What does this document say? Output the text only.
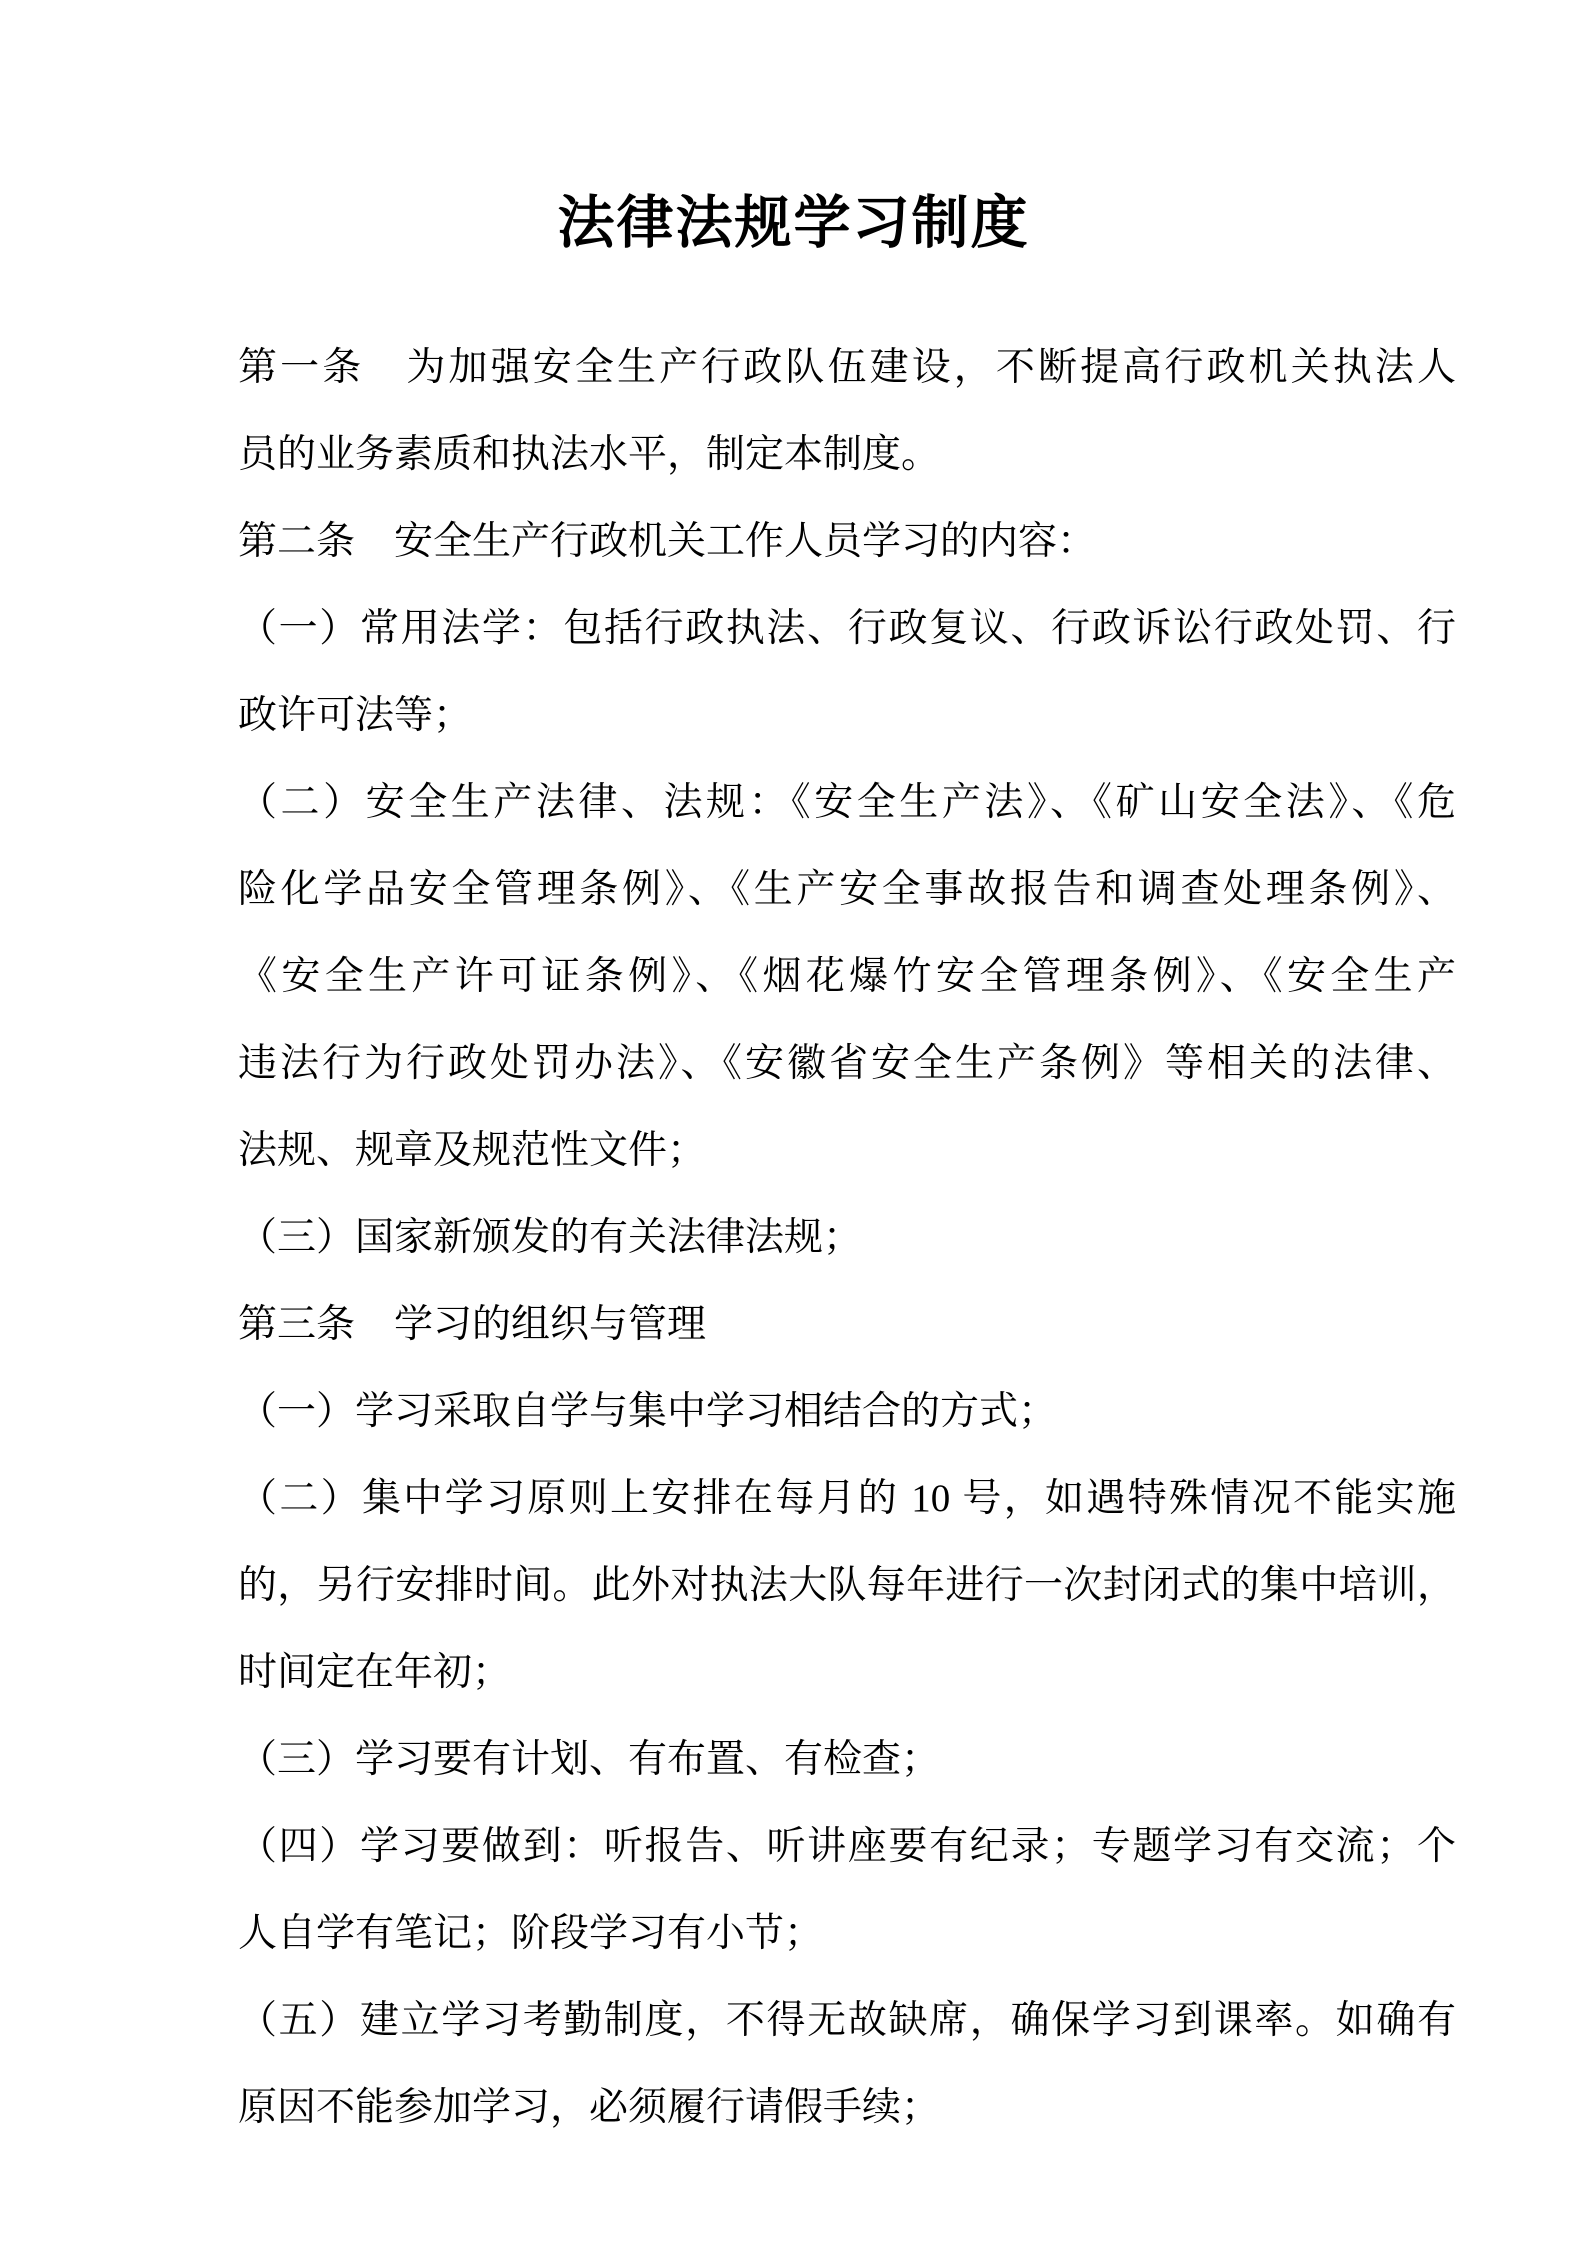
法律法规学习制度

第一条　为加强安全生产行政队伍建设，不断提高行政机关执法人
员的业务素质和执法水平，制定本制度。

第二条　安全生产行政机关工作人员学习的内容：

（一）常用法学：包括行政执法、行政复议、行政诉讼行政处罚、行
政许可法等；

（二）安全生产法律、法规：《安全生产法》、《矿山安全法》、《危
险化学品安全管理条例》、《生产安全事故报告和调查处理条例》、
《安全生产许可证条例》、《烟花爆竹安全管理条例》、《安全生产
违法行为行政处罚办法》、《安徽省安全生产条例》等相关的法律、
法规、规章及规范性文件；

（三）国家新颁发的有关法律法规；

第三条　学习的组织与管理

（一）学习采取自学与集中学习相结合的方式；

（二）集中学习原则上安排在每月的 10 号，如遇特殊情况不能实施
的，另行安排时间。此外对执法大队每年进行一次封闭式的集中培训，
时间定在年初；

（三）学习要有计划、有布置、有检查；

（四）学习要做到：听报告、听讲座要有纪录；专题学习有交流；个
人自学有笔记；阶段学习有小节；

（五）建立学习考勤制度，不得无故缺席，确保学习到课率。如确有
原因不能参加学习，必须履行请假手续；
